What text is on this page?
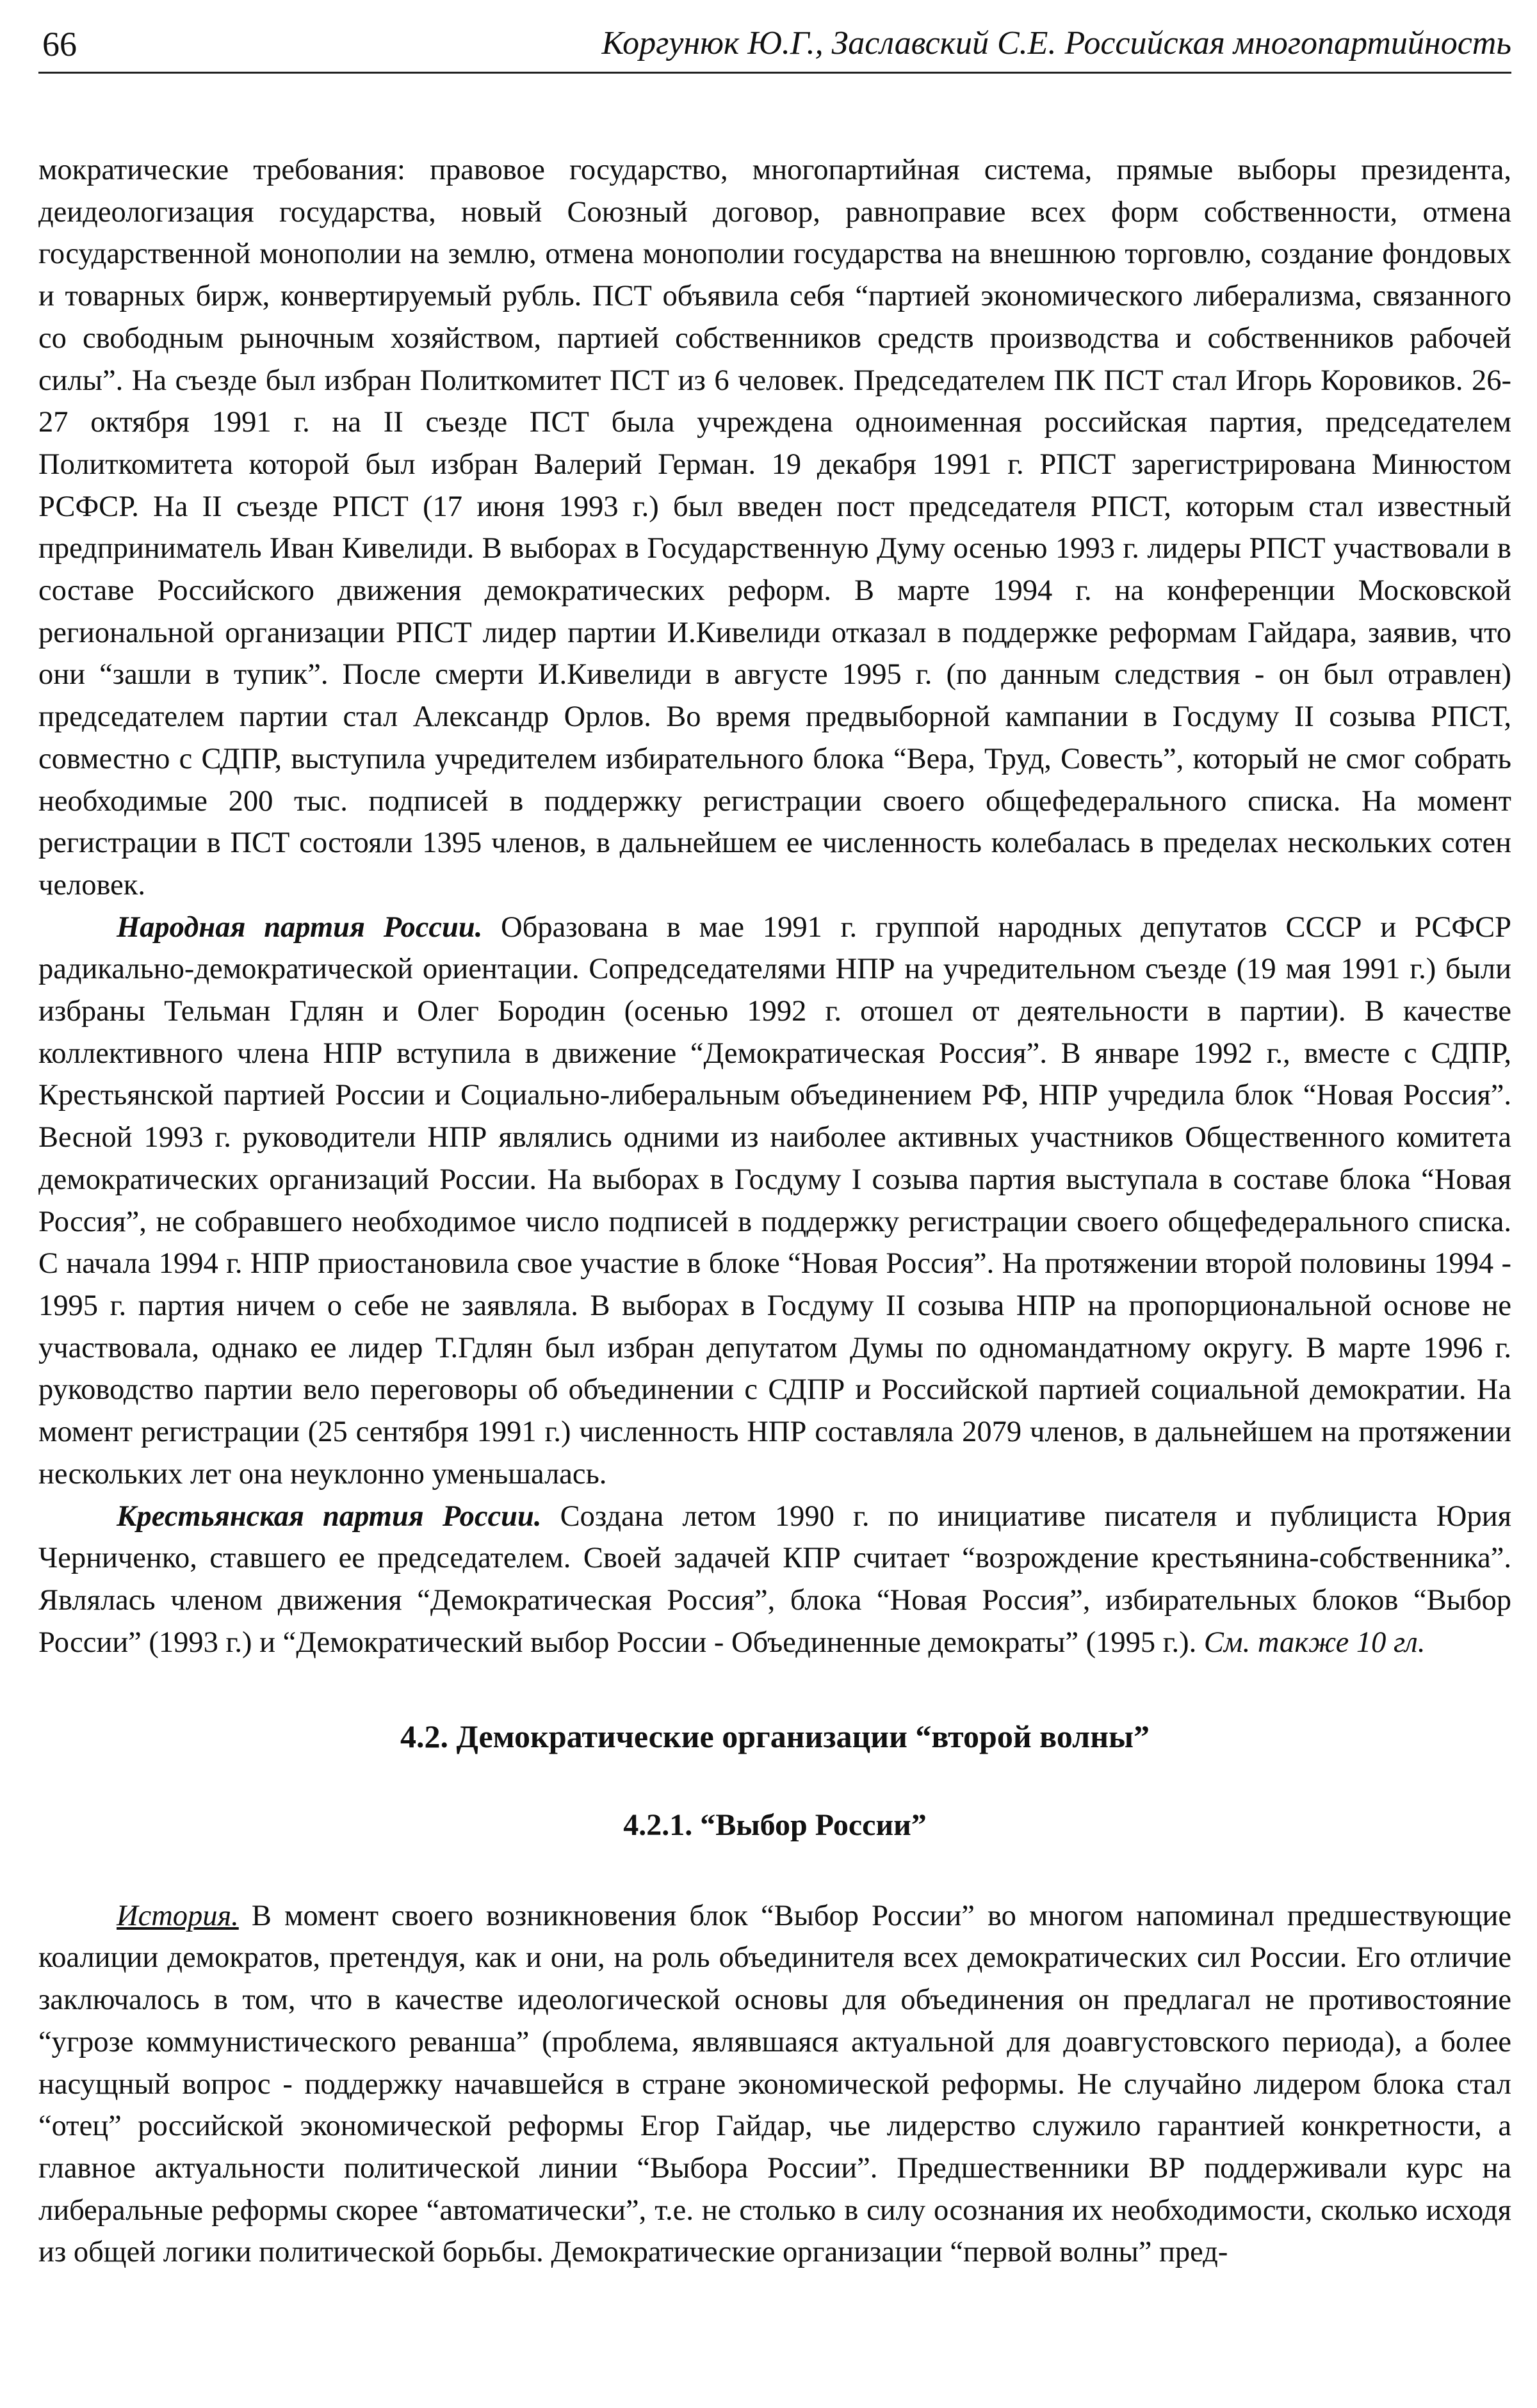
66	Коргунюк Ю.Г., Заславский С.Е. Российская многопартийность

мократические требования: правовое государство, многопартийная система, прямые выборы президента, деидеологизация государства, новый Союзный договор, равноправие всех форм собственности, отмена государственной монополии на землю, отмена монополии государства на внешнюю торговлю, создание фондовых и товарных бирж, конвертируемый рубль. ПСТ объявила себя “партией экономического либерализма, связанного со свободным рыночным хозяйством, партией собственников средств производства и собственников рабочей силы”. На съезде был избран Политкомитет ПСТ из 6 человек. Председателем ПК ПСТ стал Игорь Коровиков. 26-27 октября 1991 г. на II съезде ПСТ была учреждена одноименная российская партия, председателем Политкомитета которой был избран Валерий Герман. 19 декабря 1991 г. РПСТ зарегистрирована Минюстом РСФСР. На II съезде РПСТ (17 июня 1993 г.) был введен пост председателя РПСТ, которым стал известный предприниматель Иван Кивелиди. В выборах в Государственную Думу осенью 1993 г. лидеры РПСТ участвовали в составе Российского движения демократических реформ. В марте 1994 г. на конференции Московской региональной организации РПСТ лидер партии И.Кивелиди отказал в поддержке реформам Гайдара, заявив, что они “зашли в тупик”. После смерти И.Кивелиди в августе 1995 г. (по данным следствия - он был отравлен) председателем партии стал Александр Орлов. Во время предвыборной кампании в Госдуму II созыва РПСТ, совместно с СДПР, выступила учредителем избирательного блока “Вера, Труд, Совесть”, который не смог собрать необходимые 200 тыс. подписей в поддержку регистрации своего общефедерального списка. На момент регистрации в ПСТ состояли 1395 членов, в дальнейшем ее численность колебалась в пределах нескольких сотен человек.

Народная партия России. Образована в мае 1991 г. группой народных депутатов СССР и РСФСР радикально-демократической ориентации. Сопредседателями НПР на учредительном съезде (19 мая 1991 г.) были избраны Тельман Гдлян и Олег Бородин (осенью 1992 г. отошел от деятельности в партии). В качестве коллективного члена НПР вступила в движение “Демократическая Россия”. В январе 1992 г., вместе с СДПР, Крестьянской партией России и Социально-либеральным объединением РФ, НПР учредила блок “Новая Россия”. Весной 1993 г. руководители НПР являлись одними из наиболее активных участников Общественного комитета демократических организаций России. На выборах в Госдуму I созыва партия выступала в составе блока “Новая Россия”, не собравшего необходимое число подписей в поддержку регистрации своего общефедерального списка. С начала 1994 г. НПР приостановила свое участие в блоке “Новая Россия”. На протяжении второй половины 1994 - 1995 г. партия ничем о себе не заявляла. В выборах в Госдуму II созыва НПР на пропорциональной основе не участвовала, однако ее лидер Т.Гдлян был избран депутатом Думы по одномандатному округу. В марте 1996 г. руководство партии вело переговоры об объединении с СДПР и Российской партией социальной демократии. На момент регистрации (25 сентября 1991 г.) численность НПР составляла 2079 членов, в дальнейшем на протяжении нескольких лет она неуклонно уменьшалась.

Крестьянская партия России. Создана летом 1990 г. по инициативе писателя и публициста Юрия Черниченко, ставшего ее председателем. Своей задачей КПР считает “возрождение крестьянина-собственника”. Являлась членом движения “Демократическая Россия”, блока “Новая Россия”, избирательных блоков “Выбор России” (1993 г.) и “Демократический выбор России - Объединенные демократы” (1995 г.). См. также 10 гл.

4.2. Демократические организации “второй волны”
4.2.1. “Выбор России”

История. В момент своего возникновения блок “Выбор России” во многом напоминал предшествующие коалиции демократов, претендуя, как и они, на роль объединителя всех демократических сил России. Его отличие заключалось в том, что в качестве идеологической основы для объединения он предлагал не противостояние “угрозе коммунистического реванша” (проблема, являвшаяся актуальной для доавгустовского периода), а более насущный вопрос - поддержку начавшейся в стране экономической реформы. Не случайно лидером блока стал “отец” российской экономической реформы Егор Гайдар, чье лидерство служило гарантией конкретности, а главное актуальности политической линии “Выбора России”. Предшественники ВР поддерживали курс на либеральные реформы скорее “автоматически”, т.е. не столько в силу осознания их необходимости, сколько исходя из общей логики политической борьбы. Демократические организации “первой волны” пред-
